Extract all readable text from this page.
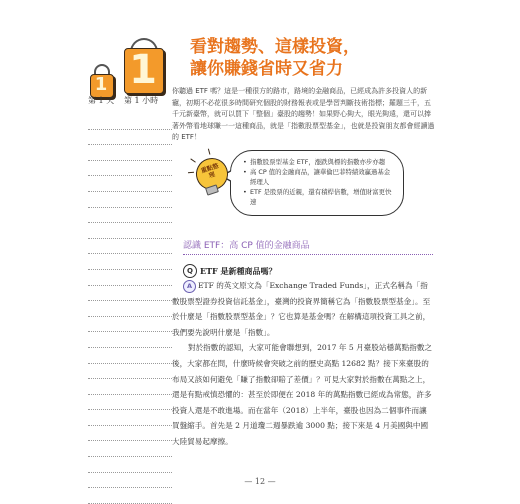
1 1
第 1 天 第 1 小時
看對趨勢、這樣投資，
讓你賺錢省時又省力

你聽過 ETF 嗎？這是一種很方的路市，路境的金融商品，已經成為許多投資人的新寵，初期不必花很多時間研究個股的財務報表或是學習判斷技術指標；羅題三千，五千元新臺幣，就可以買下「整個」臺股的趨勢！如果野心夠大，眼光夠遠，還可以捧著外幣看地球賺一一這種商品，就是「指數股票型基金」，也就是投資朋友都會經讀過的 ETF！

• 指數股票型基金 ETF，漲跌與標的指數亦步亦趨
• 高 CP 值的金融商品，讓華倫巴菲特績效贏過基金經理人
• ETF 是股票的近親，還有積桿倍數，增值財富更快速
重點整理
認識 ETF：高 CP 值的金融商品
Q ETF 是新種商品嗎？
A ETF 的英文原文為「Exchange Traded Funds」，正式名稱為「指數股票型證券投資信託基金」，臺灣的投資界簡稱它為「指數股票型基金」。至於什麼是「指數股票型基金」？它也算是基金嗎？在解構這項投資工具之前，我們要先說明什麼是「指數」。

對於指數的認知，大家可能會聯想到，2017 年 5 月臺股站穩萬點指數之後，大家都在問，什麼時候會突破之前的歷史高點 12682 點？接下來臺股的布局又該如何避免「賺了指數卻賠了差價」？可見大家對於指數在萬點之上，還是有點戒慎恐懼的：甚至於即便在 2018 年的萬點指數已經成為常態，許多投資人還是不敢進場。而在當年（2018）上半年，臺股也因為二個事件而讓買盤縮手。首先是 2 月道瓊二週暴跌逾 3000 點；接下來是 4 月美國與中國大陸貿易起摩擦。

— 12 —
